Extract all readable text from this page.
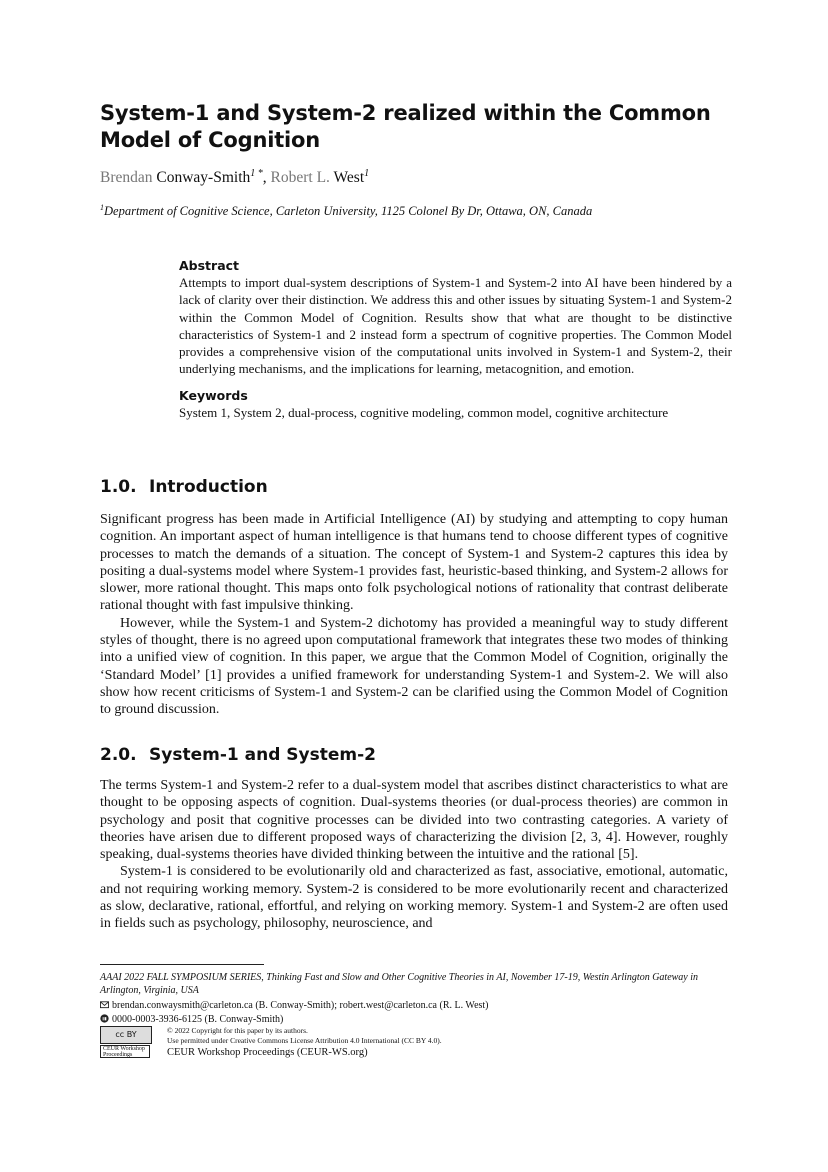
System-1 and System-2 realized within the Common Model of Cognition
Brendan Conway-Smith$^{1 *}$, Robert L. West$^1$
$^1$Department of Cognitive Science, Carleton University, 1125 Colonel By Dr, Ottawa, ON, Canada
Abstract

Attempts to import dual-system descriptions of System-1 and System-2 into AI have been hindered by a lack of clarity over their distinction. We address this and other issues by situating System-1 and System-2 within the Common Model of Cognition. Results show that what are thought to be distinctive characteristics of System-1 and 2 instead form a spectrum of cognitive properties. The Common Model provides a comprehensive vision of the computational units involved in System-1 and System-2, their underlying mechanisms, and the implications for learning, metacognition, and emotion.

Keywords

System 1, System 2, dual-process, cognitive modeling, common model, cognitive architecture

1.0. Introduction

Significant progress has been made in Artificial Intelligence (AI) by studying and attempting to copy human cognition. An important aspect of human intelligence is that humans tend to choose different types of cognitive processes to match the demands of a situation. The concept of System-1 and System-2 captures this idea by positing a dual-systems model where System-1 provides fast, heuristic-based thinking, and System-2 allows for slower, more rational thought. This maps onto folk psychological notions of rationality that contrast deliberate rational thought with fast impulsive thinking.

However, while the System-1 and System-2 dichotomy has provided a meaningful way to study different styles of thought, there is no agreed upon computational framework that integrates these two modes of thinking into a unified view of cognition. In this paper, we argue that the Common Model of Cognition, originally the ‘Standard Model’ [1] provides a unified framework for understanding System-1 and System-2. We will also show how recent criticisms of System-1 and System-2 can be clarified using the Common Model of Cognition to ground discussion.

2.0. System-1 and System-2

The terms System-1 and System-2 refer to a dual-system model that ascribes distinct characteristics to what are thought to be opposing aspects of cognition. Dual-systems theories (or dual-process theories) are common in psychology and posit that cognitive processes can be divided into two contrasting categories. A variety of theories have arisen due to different proposed ways of characterizing the division [2, 3, 4]. However, roughly speaking, dual-systems theories have divided thinking between the intuitive and the rational [5].

System-1 is considered to be evolutionarily old and characterized as fast, associative, emotional, automatic, and not requiring working memory. System-2 is considered to be more evolutionarily recent and characterized as slow, declarative, rational, effortful, and relying on working memory. System-1 and System-2 are often used in fields such as psychology, philosophy, neuroscience, and

AAAI 2022 FALL SYMPOSIUM SERIES, Thinking Fast and Slow and Other Cognitive Theories in AI, November 17-19, Westin Arlington Gateway in Arlington, Virginia, USA
brendan.conwaysmith@carleton.ca (B. Conway-Smith); robert.west@carleton.ca (R. L. West)
0000-0003-3936-6125 (B. Conway-Smith)
cc BY
CEUR Workshop Proceedings
© 2022 Copyright for this paper by its authors.
Use permitted under Creative Commons License Attribution 4.0 International (CC BY 4.0).
CEUR Workshop Proceedings (CEUR-WS.org)
